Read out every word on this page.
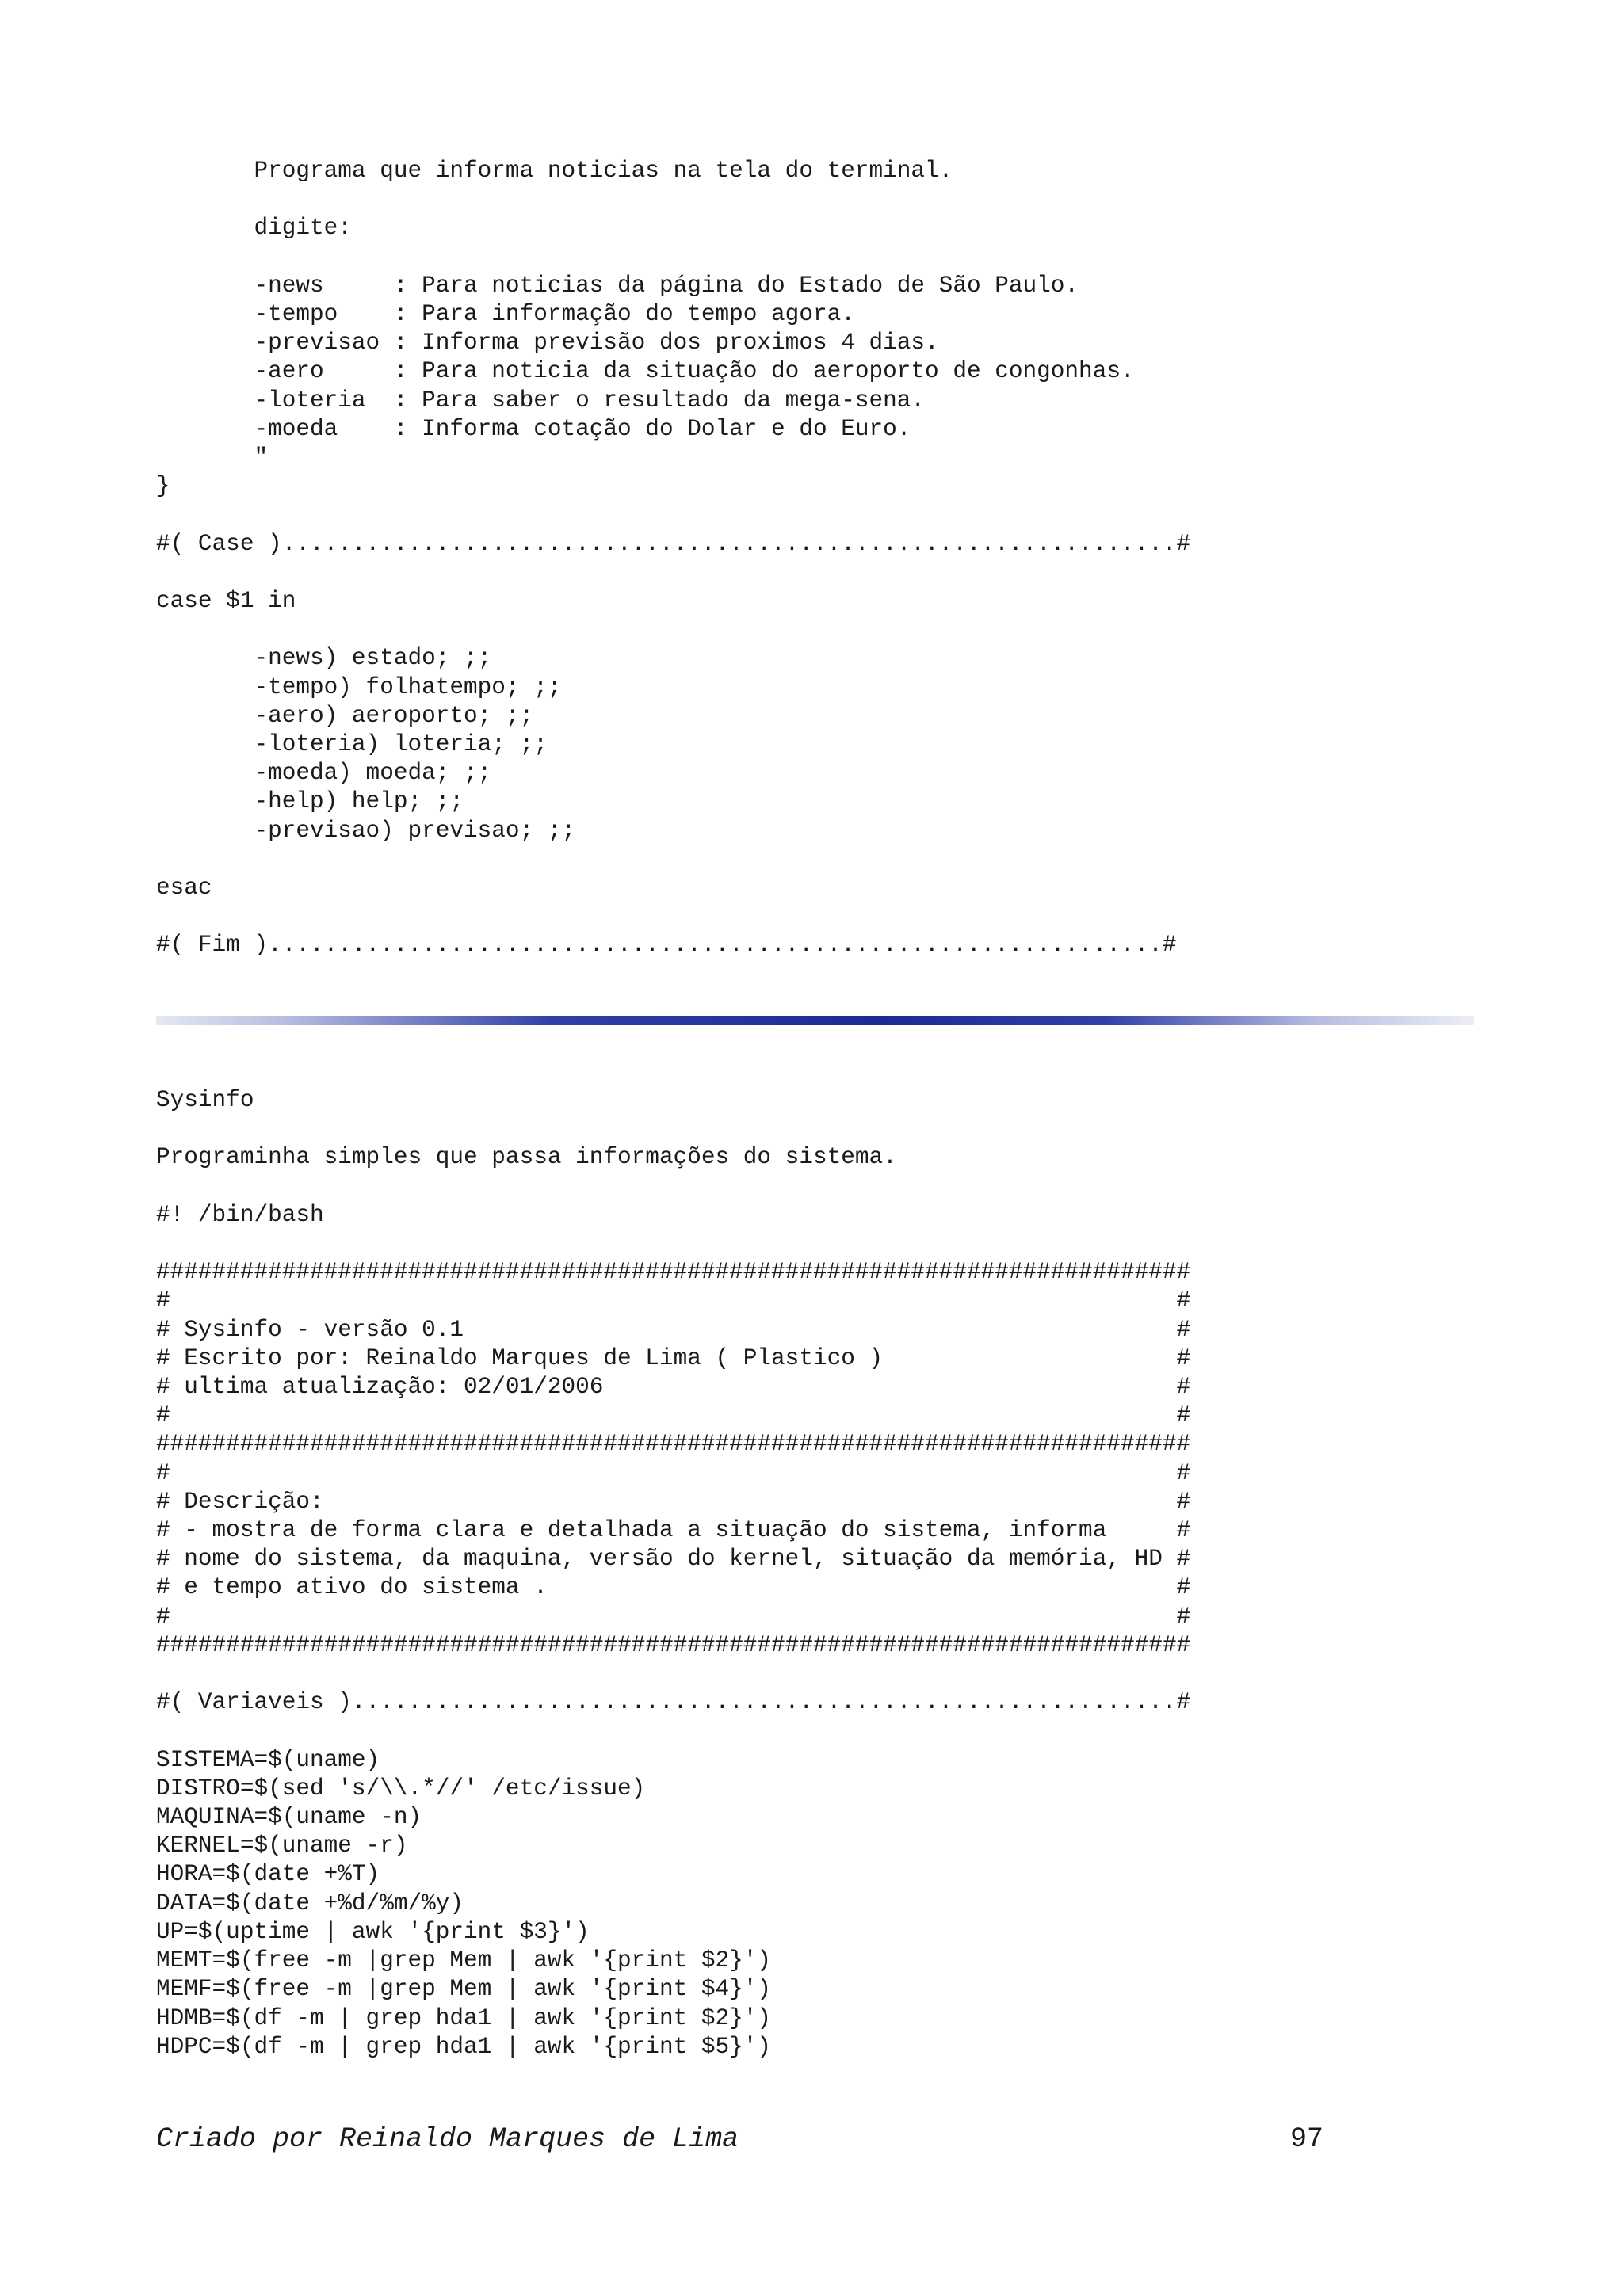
Programa que informa noticias na tela do terminal.

digite:

-news     : Para noticias da página do Estado de São Paulo.
-tempo    : Para informação do tempo agora.
-previsao : Informa previsão dos proximos 4 dias.
-aero     : Para noticia da situação do aeroporto de congonhas.
-loteria  : Para saber o resultado da mega-sena.
-moeda    : Informa cotação do Dolar e do Euro.
"
}

#( Case )................................................................#

case $1 in

-news) estado; ;;
-tempo) folhatempo; ;;
-aero) aeroporto; ;;
-loteria) loteria; ;;
-moeda) moeda; ;;
-help) help; ;;
-previsao) previsao; ;;

esac

#( Fim )................................................................#
Sysinfo

Programinha simples que passa informações do sistema.

#! /bin/bash

##########################################################################
#                                                                        #
# Sysinfo - versão 0.1                                                   #
# Escrito por: Reinaldo Marques de Lima ( Plastico )                     #
# ultima atualização: 02/01/2006                                         #
#                                                                        #
##########################################################################
#                                                                        #
# Descrição:                                                             #
# - mostra de forma clara e detalhada a situação do sistema, informa     #
# nome do sistema, da maquina, versão do kernel, situação da memória, HD #
# e tempo ativo do sistema .                                             #
#                                                                        #
##########################################################################

#( Variaveis )...........................................................#

SISTEMA=$(uname)
DISTRO=$(sed 's/\\.*//' /etc/issue)
MAQUINA=$(uname -n)
KERNEL=$(uname -r)
HORA=$(date +%T)
DATA=$(date +%d/%m/%y)
UP=$(uptime | awk '{print $3}')
MEMT=$(free -m |grep Mem | awk '{print $2}')
MEMF=$(free -m |grep Mem | awk '{print $4}')
HDMB=$(df -m | grep hda1 | awk '{print $2}')
HDPC=$(df -m | grep hda1 | awk '{print $5}')
Criado por Reinaldo Marques de Lima	97
